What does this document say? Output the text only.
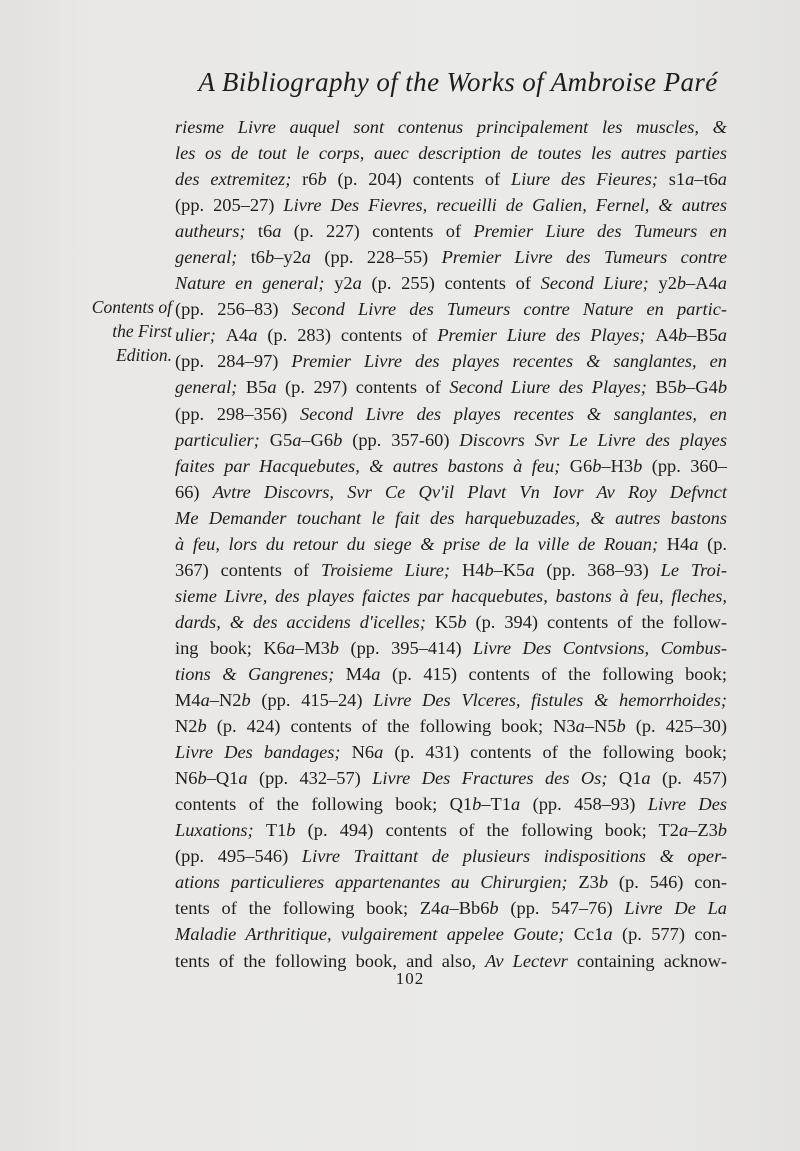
A Bibliography of the Works of Ambroise Paré
Contents of
the First
Edition.
riesme Livre auquel sont contenus principalement les muscles, &
les os de tout le corps, auec description de toutes les autres parties
des extremitez; r6b (p. 204) contents of Liure des Fieures; s1a–t6a
(pp. 205–27) Livre Des Fievres, recueilli de Galien, Fernel, & autres
autheurs; t6a (p. 227) contents of Premier Liure des Tumeurs en
general; t6b–y2a (pp. 228–55) Premier Livre des Tumeurs contre
Nature en general; y2a (p. 255) contents of Second Liure; y2b–A4a
(pp. 256–83) Second Livre des Tumeurs contre Nature en partic-
ulier; A4a (p. 283) contents of Premier Liure des Playes; A4b–B5a
(pp. 284–97) Premier Livre des playes recentes & sanglantes, en
general; B5a (p. 297) contents of Second Liure des Playes; B5b–G4b
(pp. 298–356) Second Livre des playes recentes & sanglantes, en
particulier; G5a–G6b (pp. 357-60) Discovrs Svr Le Livre des playes
faites par Hacquebutes, & autres bastons à feu; G6b–H3b (pp. 360–
66) Avtre Discovrs, Svr Ce Qv'il Plavt Vn Iovr Av Roy Defvnct
Me Demander touchant le fait des harquebuzades, & autres bastons
à feu, lors du retour du siege & prise de la ville de Rouan; H4a (p.
367) contents of Troisieme Liure; H4b–K5a (pp. 368–93) Le Troi-
sieme Livre, des playes faictes par hacquebutes, bastons à feu, fleches,
dards, & des accidens d'icelles; K5b (p. 394) contents of the follow-
ing book; K6a–M3b (pp. 395–414) Livre Des Contvsions, Combus-
tions & Gangrenes; M4a (p. 415) contents of the following book;
M4a–N2b (pp. 415–24) Livre Des Vlceres, fistules & hemorrhoides;
N2b (p. 424) contents of the following book; N3a–N5b (p. 425–30)
Livre Des bandages; N6a (p. 431) contents of the following book;
N6b–Q1a (pp. 432–57) Livre Des Fractures des Os; Q1a (p. 457)
contents of the following book; Q1b–T1a (pp. 458–93) Livre Des
Luxations; T1b (p. 494) contents of the following book; T2a–Z3b
(pp. 495–546) Livre Traittant de plusieurs indispositions & oper-
ations particulieres appartenantes au Chirurgien; Z3b (p. 546) con-
tents of the following book; Z4a–Bb6b (pp. 547–76) Livre De La
Maladie Arthritique, vulgairement appelee Goute; Cc1a (p. 577) con-
tents of the following book, and also, Av Lectevr containing acknow-
102
